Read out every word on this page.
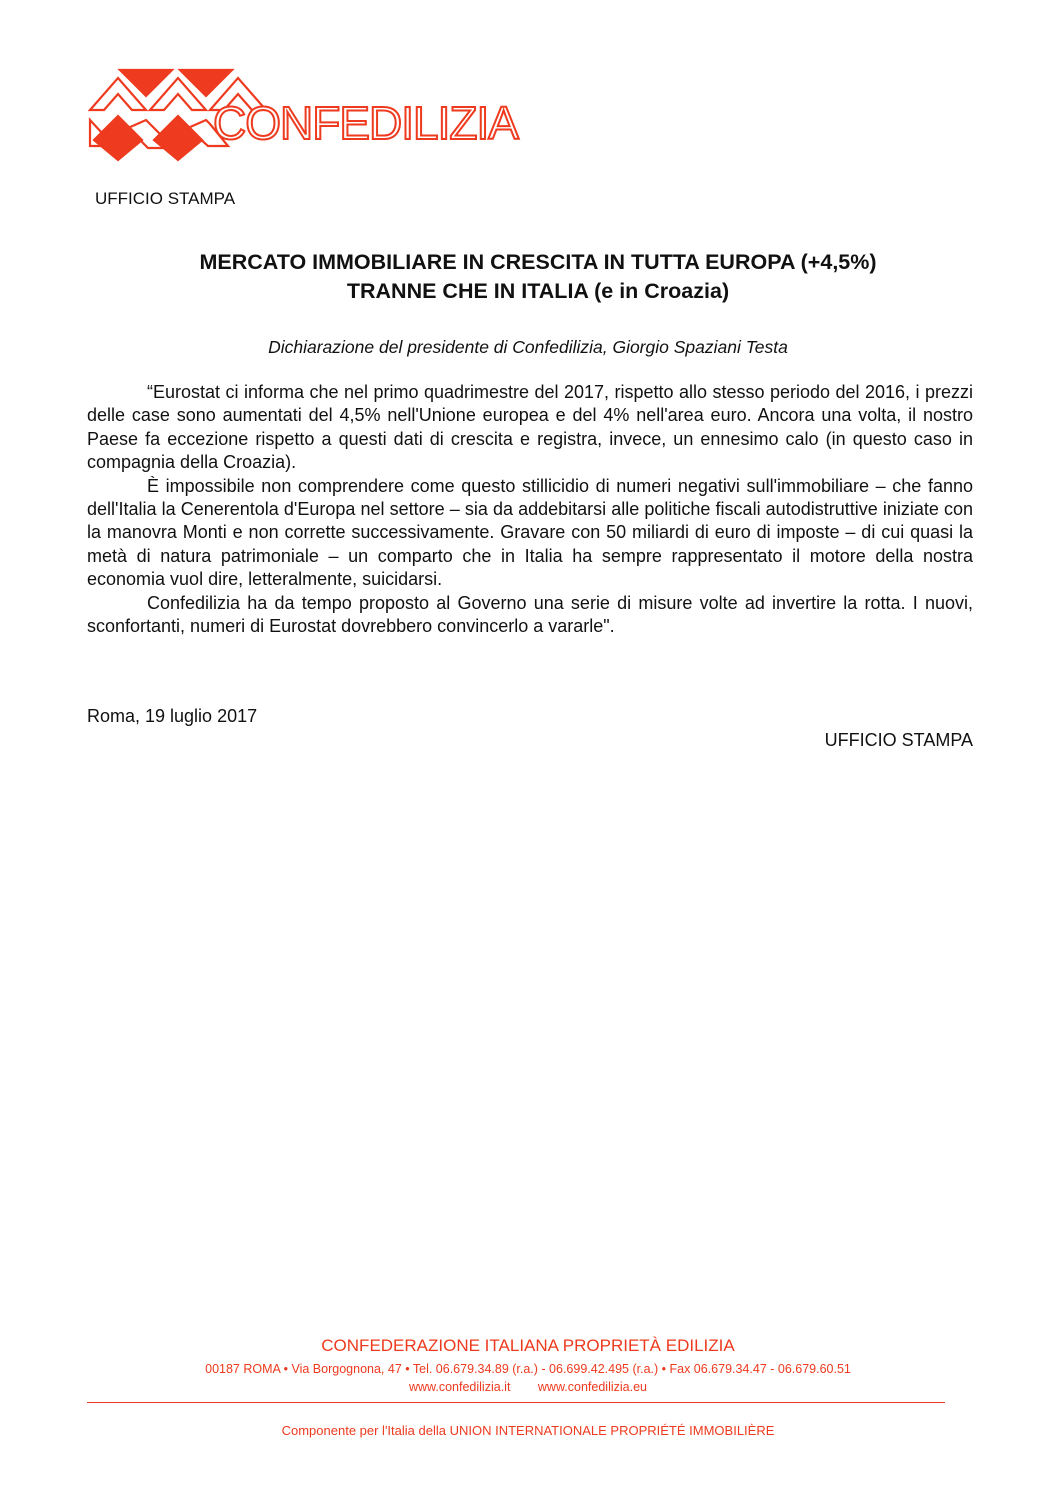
CONFEDILIZIA
UFFICIO STAMPA
MERCATO IMMOBILIARE IN CRESCITA IN TUTTA EUROPA (+4,5%)
TRANNE CHE IN ITALIA (e in Croazia)
Dichiarazione del presidente di Confedilizia, Giorgio Spaziani Testa

“Eurostat ci informa che nel primo quadrimestre del 2017, rispetto allo stesso periodo del 2016, i prezzi delle case sono aumentati del 4,5% nell'Unione europea e del 4% nell'area euro. Ancora una volta, il nostro Paese fa eccezione rispetto a questi dati di crescita e registra, invece, un ennesimo calo (in questo caso in compagnia della Croazia).

È impossibile non comprendere come questo stillicidio di numeri negativi sull'immobiliare – che fanno dell'Italia la Cenerentola d'Europa nel settore – sia da addebitarsi alle politiche fiscali autodistruttive iniziate con la manovra Monti e non corrette successivamente. Gravare con 50 miliardi di euro di imposte – di cui quasi la metà di natura patrimoniale – un comparto che in Italia ha sempre rappresentato il motore della nostra economia vuol dire, letteralmente, suicidarsi.

Confedilizia ha da tempo proposto al Governo una serie di misure volte ad invertire la rotta. I nuovi, sconfortanti, numeri di Eurostat dovrebbero convincerlo a vararle".

Roma, 19 luglio 2017
UFFICIO STAMPA
CONFEDERAZIONE ITALIANA PROPRIETÀ EDILIZIA
00187 ROMA • Via Borgognona, 47 • Tel. 06.679.34.89 (r.a.) - 06.699.42.495 (r.a.) • Fax 06.679.34.47 - 06.679.60.51
www.confedilizia.it www.confedilizia.eu
Componente per l'Italia della UNION INTERNATIONALE PROPRIÉTÉ IMMOBILIÈRE
